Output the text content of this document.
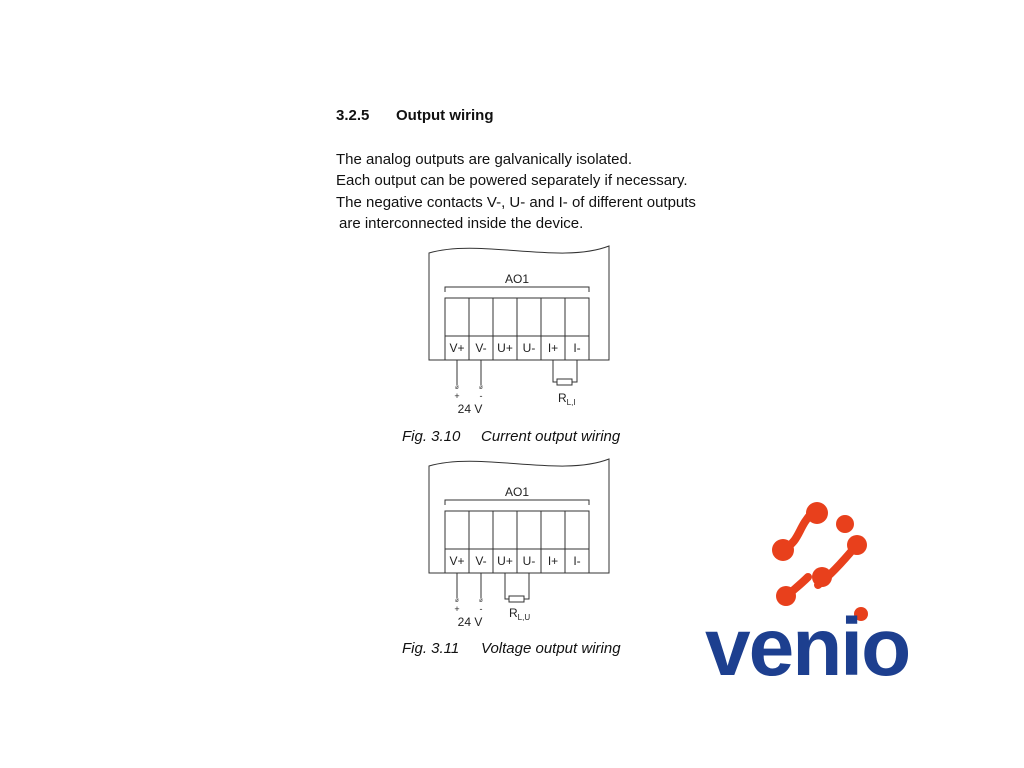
3.2.5 Output wiring
The analog outputs are galvanically isolated.
Each output can be powered separately if necessary.
The negative contacts V-, U- and I- of different outputs
are interconnected inside the device.
ø	ø
AO1
V+ V- U+ U- I+ I-
+ -
24 V
$R_{L,I}$
Fig. 3.10 Current output wiring
ø	ø
AO1
V+ V- U+ U- I+ I-
+ -
24 V
$R_{L,U}$
Fig. 3.11 Voltage output wiring venio
